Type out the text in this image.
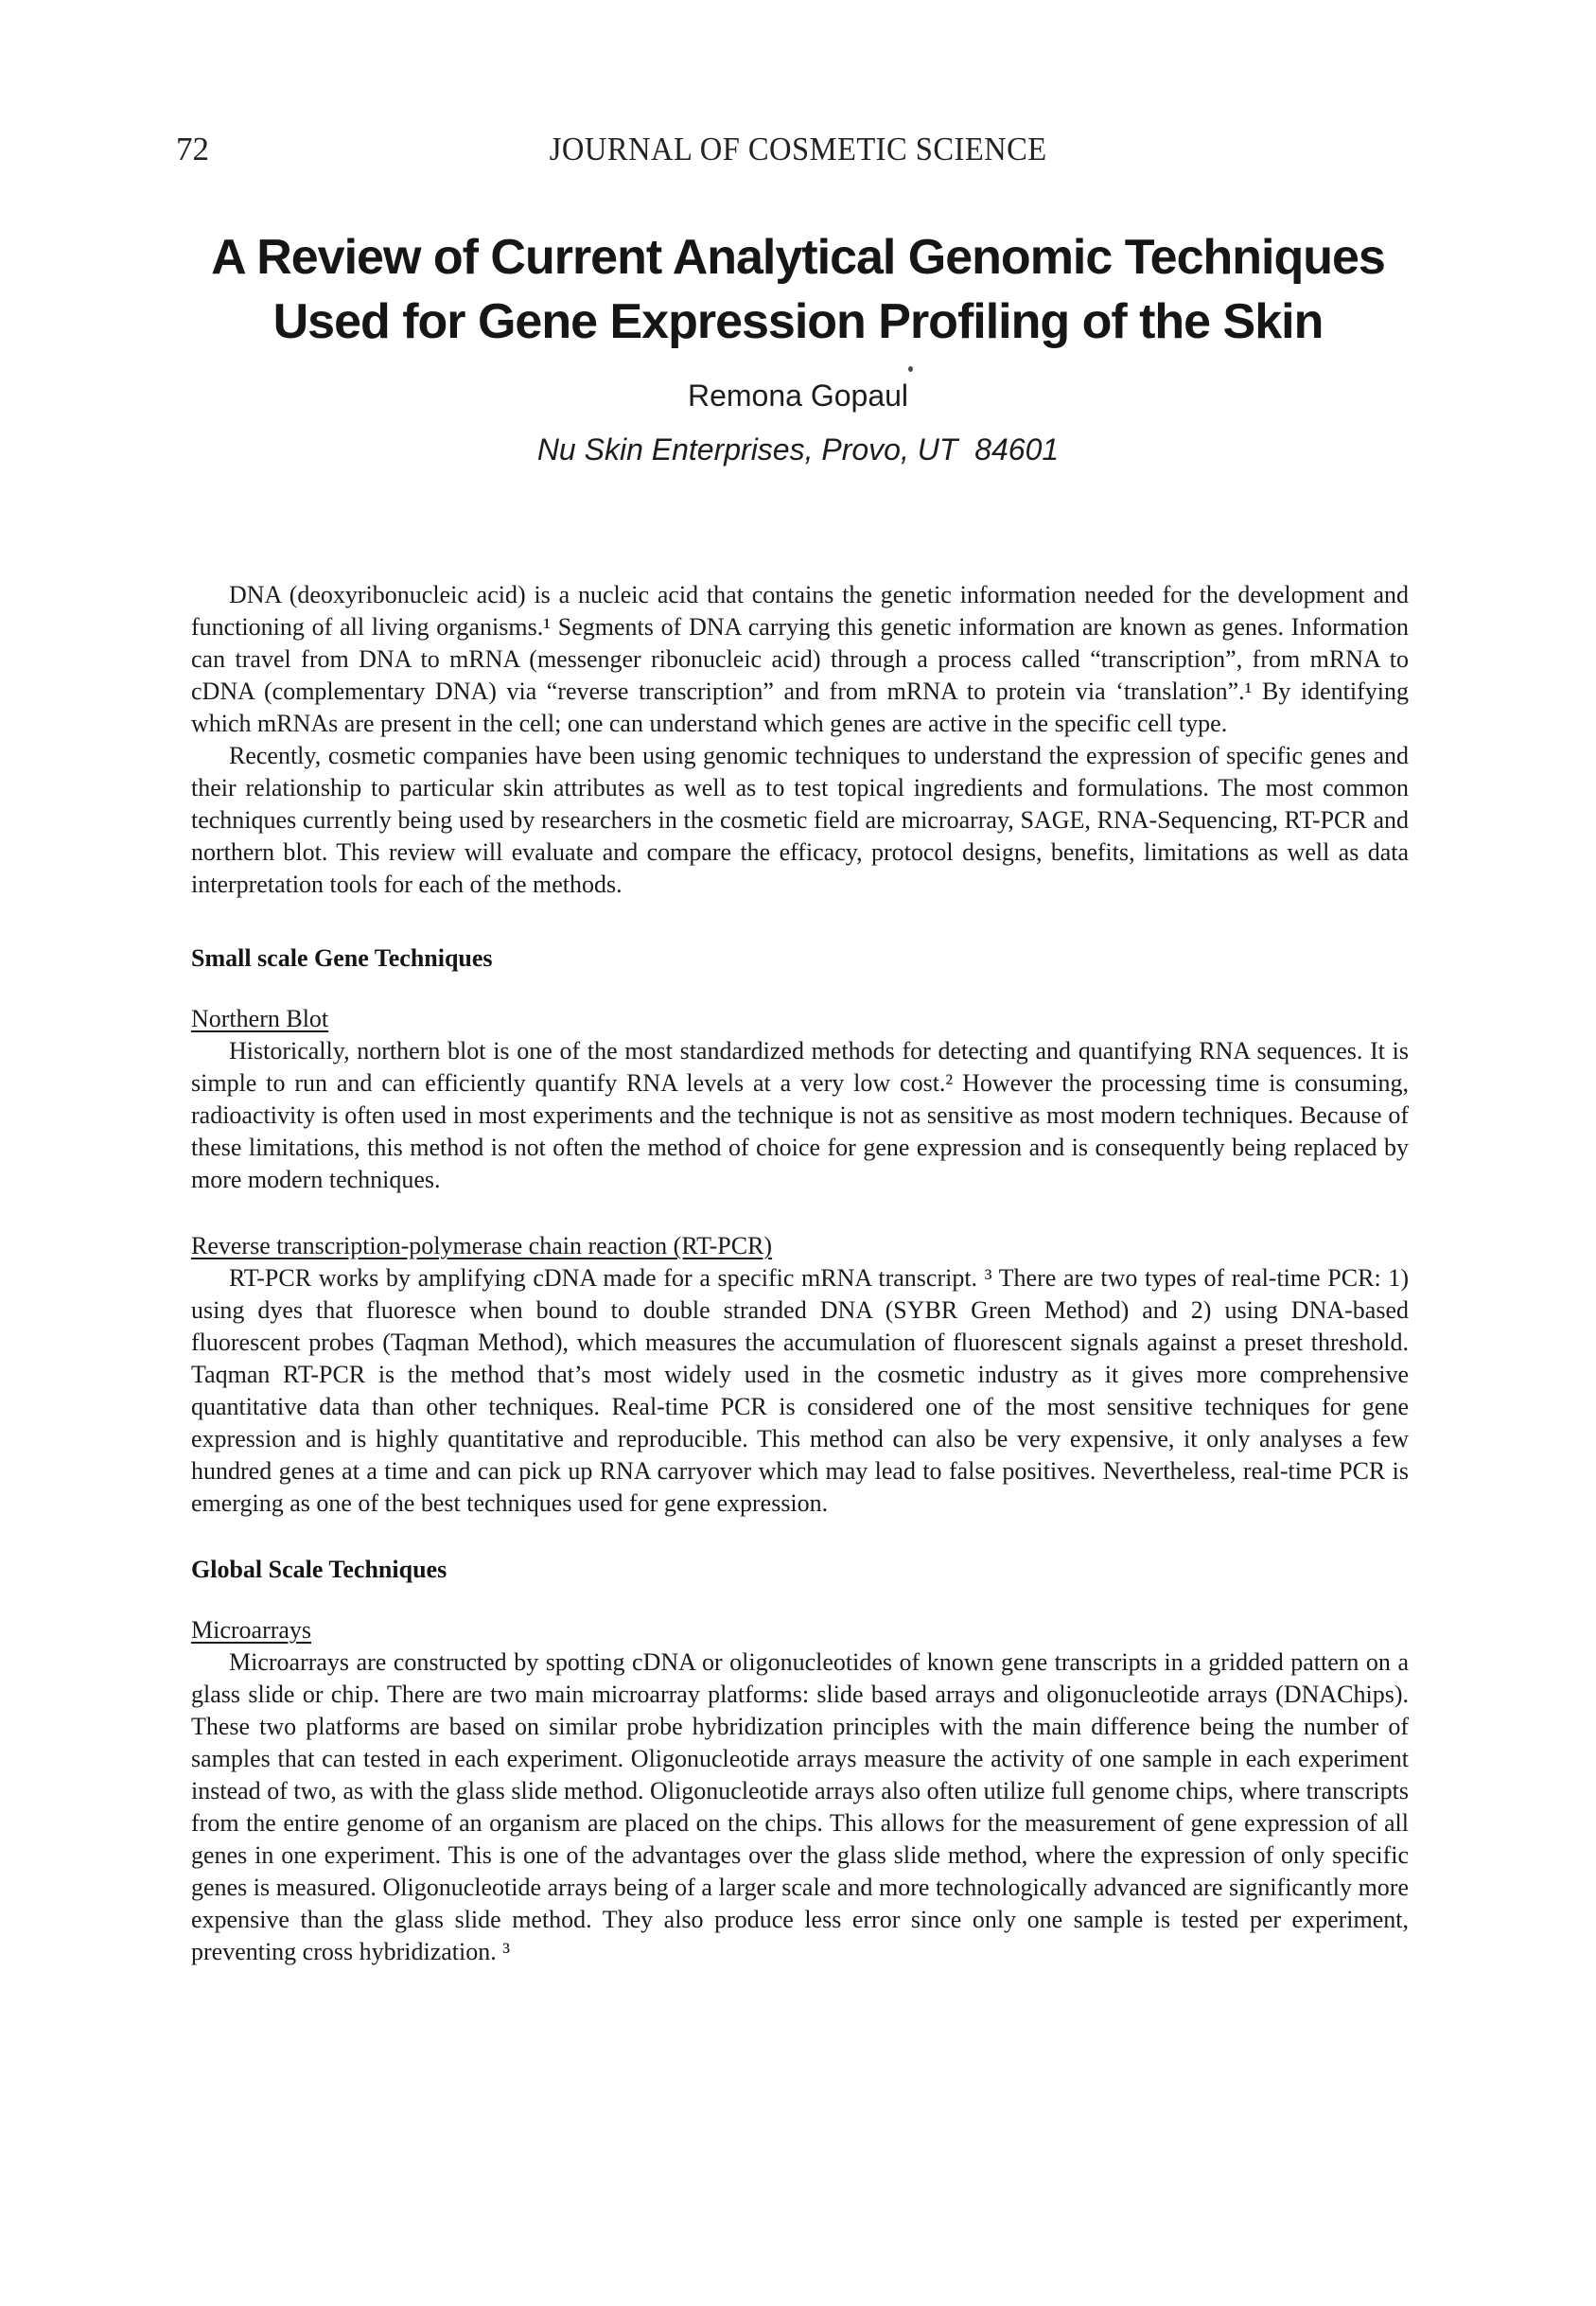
72	JOURNAL OF COSMETIC SCIENCE
A Review of Current Analytical Genomic Techniques
Used for Gene Expression Profiling of the Skin
Remona Gopaul
Nu Skin Enterprises, Provo, UT  84601

DNA (deoxyribonucleic acid) is a nucleic acid that contains the genetic information needed for the development and functioning of all living organisms.¹ Segments of DNA carrying this genetic information are known as genes. Information can travel from DNA to mRNA (messenger ribonucleic acid) through a process called “transcription”, from mRNA to cDNA (complementary DNA) via “reverse transcription” and from mRNA to protein via ‘translation”.¹ By identifying which mRNAs are present in the cell; one can understand which genes are active in the specific cell type.

Recently, cosmetic companies have been using genomic techniques to understand the expression of specific genes and their relationship to particular skin attributes as well as to test topical ingredients and formulations. The most common techniques currently being used by researchers in the cosmetic field are microarray, SAGE, RNA-Sequencing, RT-PCR and northern blot. This review will evaluate and compare the efficacy, protocol designs, benefits, limitations as well as data interpretation tools for each of the methods.

Small scale Gene Techniques
Northern Blot

Historically, northern blot is one of the most standardized methods for detecting and quantifying RNA sequences. It is simple to run and can efficiently quantify RNA levels at a very low cost.² However the processing time is consuming, radioactivity is often used in most experiments and the technique is not as sensitive as most modern techniques. Because of these limitations, this method is not often the method of choice for gene expression and is consequently being replaced by more modern techniques.

Reverse transcription-polymerase chain reaction (RT-PCR)

RT-PCR works by amplifying cDNA made for a specific mRNA transcript. ³ There are two types of real-time PCR: 1) using dyes that fluoresce when bound to double stranded DNA (SYBR Green Method) and 2) using DNA-based fluorescent probes (Taqman Method), which measures the accumulation of fluorescent signals against a preset threshold. Taqman RT-PCR is the method that’s most widely used in the cosmetic industry as it gives more comprehensive quantitative data than other techniques. Real-time PCR is considered one of the most sensitive techniques for gene expression and is highly quantitative and reproducible. This method can also be very expensive, it only analyses a few hundred genes at a time and can pick up RNA carryover which may lead to false positives. Nevertheless, real-time PCR is emerging as one of the best techniques used for gene expression.

Global Scale Techniques
Microarrays

Microarrays are constructed by spotting cDNA or oligonucleotides of known gene transcripts in a gridded pattern on a glass slide or chip. There are two main microarray platforms: slide based arrays and oligonucleotide arrays (DNAChips). These two platforms are based on similar probe hybridization principles with the main difference being the number of samples that can tested in each experiment. Oligonucleotide arrays measure the activity of one sample in each experiment instead of two, as with the glass slide method. Oligonucleotide arrays also often utilize full genome chips, where transcripts from the entire genome of an organism are placed on the chips. This allows for the measurement of gene expression of all genes in one experiment. This is one of the advantages over the glass slide method, where the expression of only specific genes is measured. Oligonucleotide arrays being of a larger scale and more technologically advanced are significantly more expensive than the glass slide method. They also produce less error since only one sample is tested per experiment, preventing cross hybridization. ³
